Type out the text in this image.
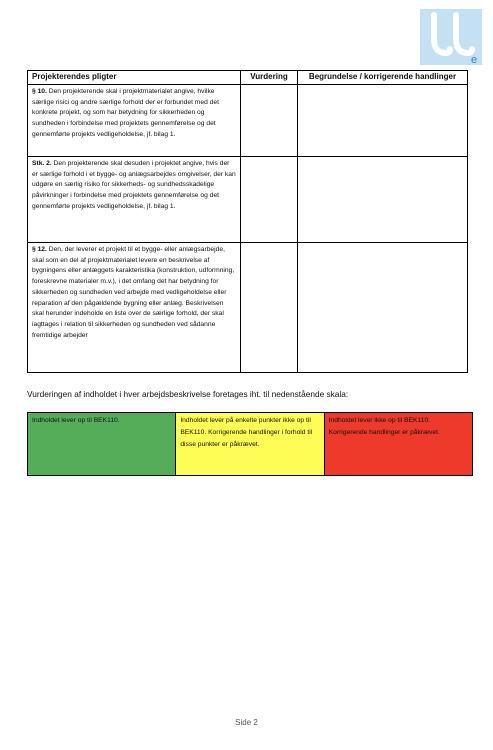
e
Projekterendes pligter	Vurdering	Begrundelse / korrigerende handlinger
§ 10. Den projekterende skal i projektmaterialet angive, hvilke særlige risici og andre særlige forhold der er forbundet med det konkrete projekt, og som har betydning for sikkerheden og sundheden i forbindelse med projektets gennemførelse og det gennemførte projekts vedligeholdelse, jf. bilag 1.		
Stk. 2. Den projekterende skal desuden i projektet angive, hvis der er særlige forhold i et bygge- og anlægsarbejdes omgivelser, der kan udgøre en særlig risiko for sikkerheds- og sundhedsskadelige påvirkninger i forbindelse med projektets gennemførelse og det gennemførte projekts vedligeholdelse, jf. bilag 1.		
§ 12. Den, der leverer et projekt til et bygge- eller anlægsarbejde, skal som en del af projektmaterialet levere en beskrivelse af bygningens eller anlæggets karakteristika (konstruktion, udformning, foreskrevne materialer m.v.), i det omfang det har betydning for sikkerheden og sundheden ved arbejde med vedligeholdelse eller reparation af den pågældende bygning eller anlæg. Beskrivelsen skal herunder indeholde en liste over de særlige forhold, der skal iagttages i relation til sikkerheden og sundheden ved sådanne fremtidige arbejder		
Vurderingen af indholdet i hver arbejdsbeskrivelse foretages iht. til nedenstående skala:
Indholdet lever op til BEK110.	Indholdet lever på enkelte punkter ikke op til BEK110. Korrigerende handlinger i forhold til disse punkter er påkrævet.	Indholdet lever ikke op til BEK110. Korrigerende handlinger er påkrævet.
Side 2
